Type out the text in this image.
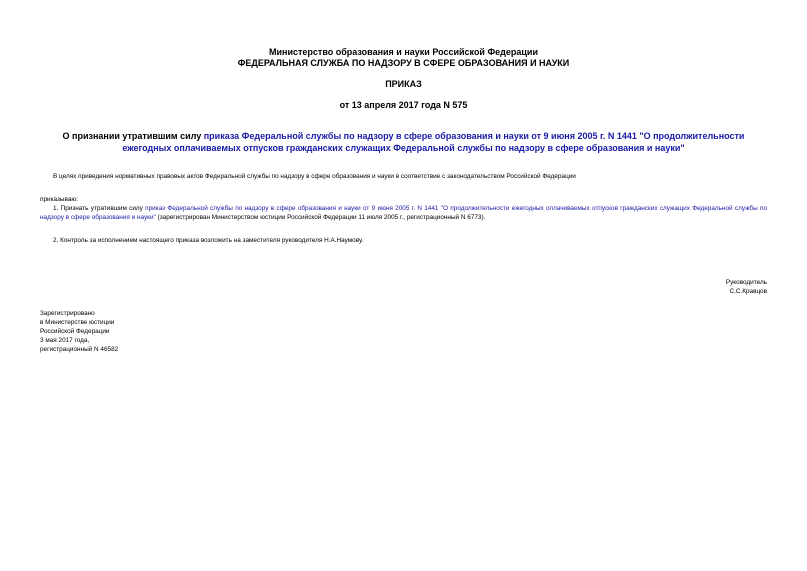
Министерство образования и науки Российской Федерации
ФЕДЕРАЛЬНАЯ СЛУЖБА ПО НАДЗОРУ В СФЕРЕ ОБРАЗОВАНИЯ И НАУКИ
ПРИКАЗ
от 13 апреля 2017 года N 575
О признании утратившим силу приказа Федеральной службы по надзору в сфере образования и науки от 9 июня 2005 г. N 1441 "О продолжительности ежегодных оплачиваемых отпусков гражданских служащих Федеральной службы по надзору в сфере образования и науки"
В целях приведения нормативных правовых актов Федеральной службы по надзору в сфере образования и науки в соответствие с законодательством Российской Федерации
приказываю:
1. Признать утратившим силу приказ Федеральной службы по надзору в сфере образования и науки от 9 июня 2005 г. N 1441 "О продолжительности ежегодных оплачиваемых отпусков гражданских служащих Федеральной службы по надзору в сфере образования и науки" (зарегистрирован Министерством юстиции Российской Федерации 11 июля 2005 г., регистрационный N 6773).
2. Контроль за исполнением настоящего приказа возложить на заместителя руководителя Н.А.Наумову.
Руководитель
С.С.Кравцов
Зарегистрировано
в Министерстве юстиции
Российской Федерации
3 мая 2017 года,
регистрационный N 46582
